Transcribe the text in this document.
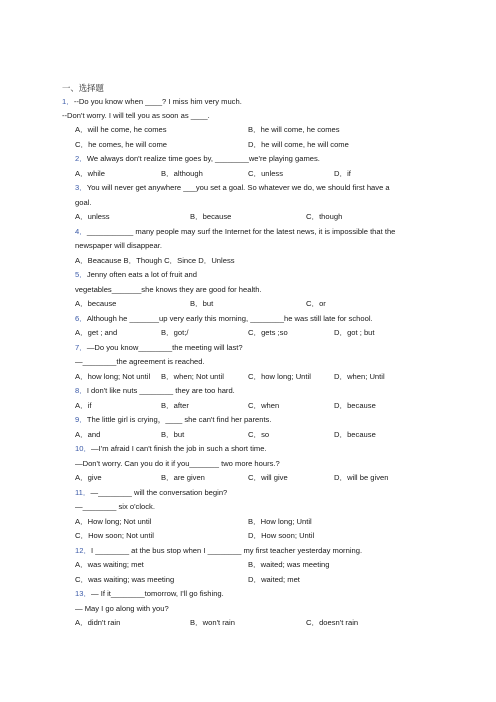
一、选择题
1．--Do you know when ____? I miss him very much.
--Don't worry. I will tell you as soon as ____.
A．will he come, he comes	B．he will come, he comes
C．he comes, he will come	D．he will come, he will come
2．We always don't realize time goes by, ________we're playing games.
A．while	B．although	C．unless	D．if
3．You will never get anywhere ___you set a goal. So whatever we do, we should first have a
goal.
A．unless	B．because	C．though
4．___________ many people may surf the Internet for the latest news, it is impossible that the
newspaper will disappear.
A．Beacause B．Though C．Since D．Unless
5．Jenny often eats a lot of fruit and
vegetables_______she knows they are good for health.
A．because	B．but	C．or
6．Although he _______up very early this morning, ________he was still late for school.
A．get ; and	B．got;/	C．gets ;so	D．got ; but
7．—Do you know________the meeting will last?
—________the agreement is reached.
A．how long; Not until B．when; Not until	C．how long; Until	D．when; Until
8．I don't like nuts ________ they are too hard.
A．if	B．after	C．when	D．because
9．The little girl is crying，____ she can't find her parents.
A．and	B．but	C．so	D．because
10．—I'm afraid I can't finish the job in such a short time.
—Don't worry. Can you do it if you_______ two more hours.?
A．give	B．are given	C．will give	D．will be given
11．—________ will the conversation begin?
—________ six o'clock.
A．How long; Not until	B．How long; Until
C．How soon; Not until	D．How soon; Until
12．I ________ at the bus stop when I ________ my first teacher yesterday morning.
A．was waiting; met	B．waited; was meeting
C．was waiting; was meeting	D．waited; met
13．— If it________tomorrow, I'll go fishing.
— May I go along with you?
A．didn't rain	B．won't rain	C．doesn't rain
